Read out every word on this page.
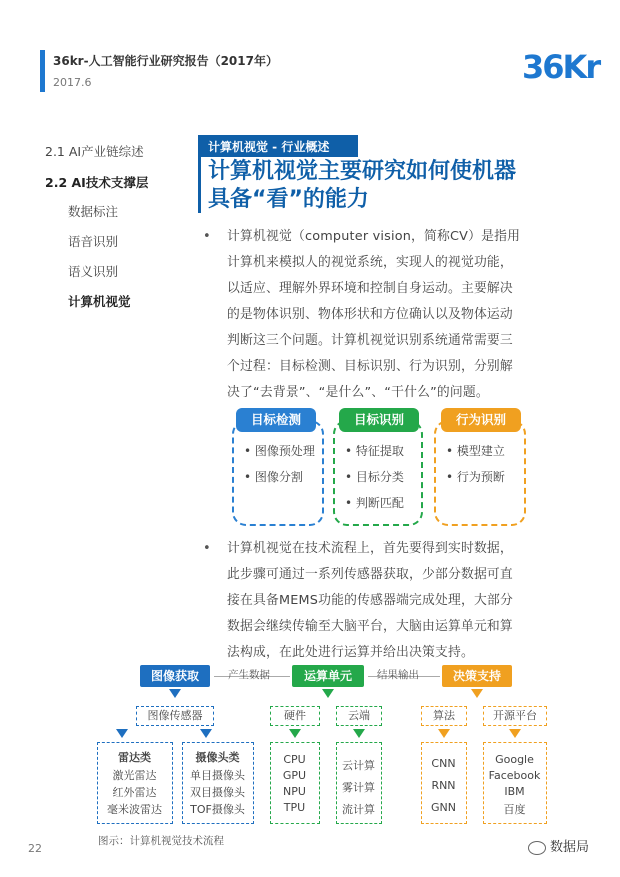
36kr-人工智能行业研究报告（2017年）
2017.6	36Kr
2.1 AI产业链综述
2.2 AI技术支撑层
数据标注
语音识别
语义识别
计算机视觉
计算机视觉 - 行业概述
计算机视觉主要研究如何使机器
具备“看”的能力
• 计算机视觉（computer vision，简称CV）是指用
计算机来模拟人的视觉系统，实现人的视觉功能，
以适应、理解外界环境和控制自身运动。主要解决
的是物体识别、物体形状和方位确认以及物体运动
判断这三个问题。计算机视觉识别系统通常需要三
个过程：目标检测、目标识别、行为识别，分别解
决了“去背景”、“是什么”、“干什么”的问题。
目标检测
• 图像预处理
• 图像分割
目标识别
• 特征提取
• 目标分类
• 判断匹配
行为识别
• 模型建立
• 行为预断
• 计算机视觉在技术流程上，首先要得到实时数据，
此步骤可通过一系列传感器获取，少部分数据可直
接在具备MEMS功能的传感器端完成处理，大部分
数据会继续传输至大脑平台，大脑由运算单元和算
法构成，在此处进行运算并给出决策支持。
图像获取	产生数据	运算单元	结果输出	决策支持
图像传感器	硬件	云端	算法	开源平台
雷达类
激光雷达
红外雷达
毫米波雷达
摄像头类
单目摄像头
双目摄像头
TOF摄像头
CPU
GPU
NPU
TPU
云计算
雾计算
流计算
CNN
RNN
GNN
Google
Facebook
IBM
百度
图示：计算机视觉技术流程
22	数据局
